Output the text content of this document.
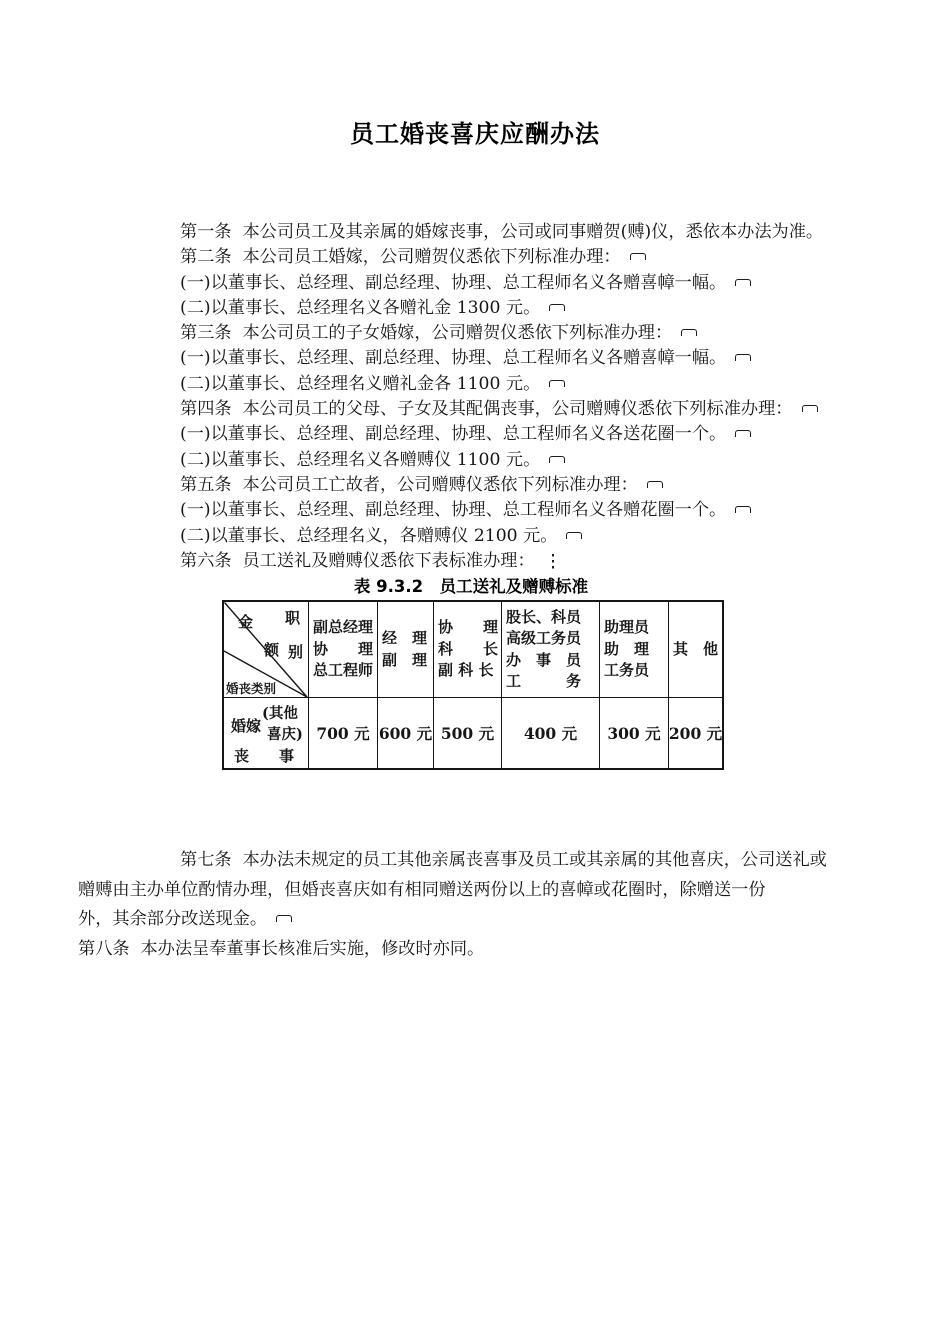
员工婚丧喜庆应酬办法
第一条  本公司员工及其亲属的婚嫁丧事，公司或同事赠贺(赙)仪，悉依本办法为准。
第二条  本公司员工婚嫁，公司赠贺仪悉依下列标准办理：
(一)以董事长、总经理、副总经理、协理、总工程师名义各赠喜幛一幅。
(二)以董事长、总经理名义各赠礼金 1300 元。
第三条  本公司员工的子女婚嫁，公司赠贺仪悉依下列标准办理：
(一)以董事长、总经理、副总经理、协理、总工程师名义各赠喜幛一幅。
(二)以董事长、总经理名义赠礼金各 1100 元。
第四条  本公司员工的父母、子女及其配偶丧事，公司赠赙仪悉依下列标准办理：
(一)以董事长、总经理、副总经理、协理、总工程师名义各送花圈一个。
(二)以董事长、总经理名义各赠赙仪 1100 元。
第五条  本公司员工亡故者，公司赠赙仪悉依下列标准办理：
(一)以董事长、总经理、副总经理、协理、总工程师名义各赠花圈一个。
(二)以董事长、总经理名义，各赠赙仪 2100 元。
第六条  员工送礼及赠赙仪悉依下表标准办理：
表 9.3.2　员工送礼及赠赙标准
金 职
额 别
婚丧类别
副总经理
协　　理
总工程师
经　理
副　理
协　　理
科　　长
副 科 长
股长、科员
高级工务员
办　事　员
工　　　务
助理员
助　理
工务员
其　他
婚嫁
(其他
喜庆)
丧　　事
700 元 600 元 500 元	400 元	300 元 200 元
第七条  本办法未规定的员工其他亲属丧喜事及员工或其亲属的其他喜庆，公司送礼或
赠赙由主办单位酌情办理，但婚丧喜庆如有相同赠送两份以上的喜幛或花圈时，除赠送一份
外，其余部分改送现金。
第八条  本办法呈奉董事长核准后实施，修改时亦同。
